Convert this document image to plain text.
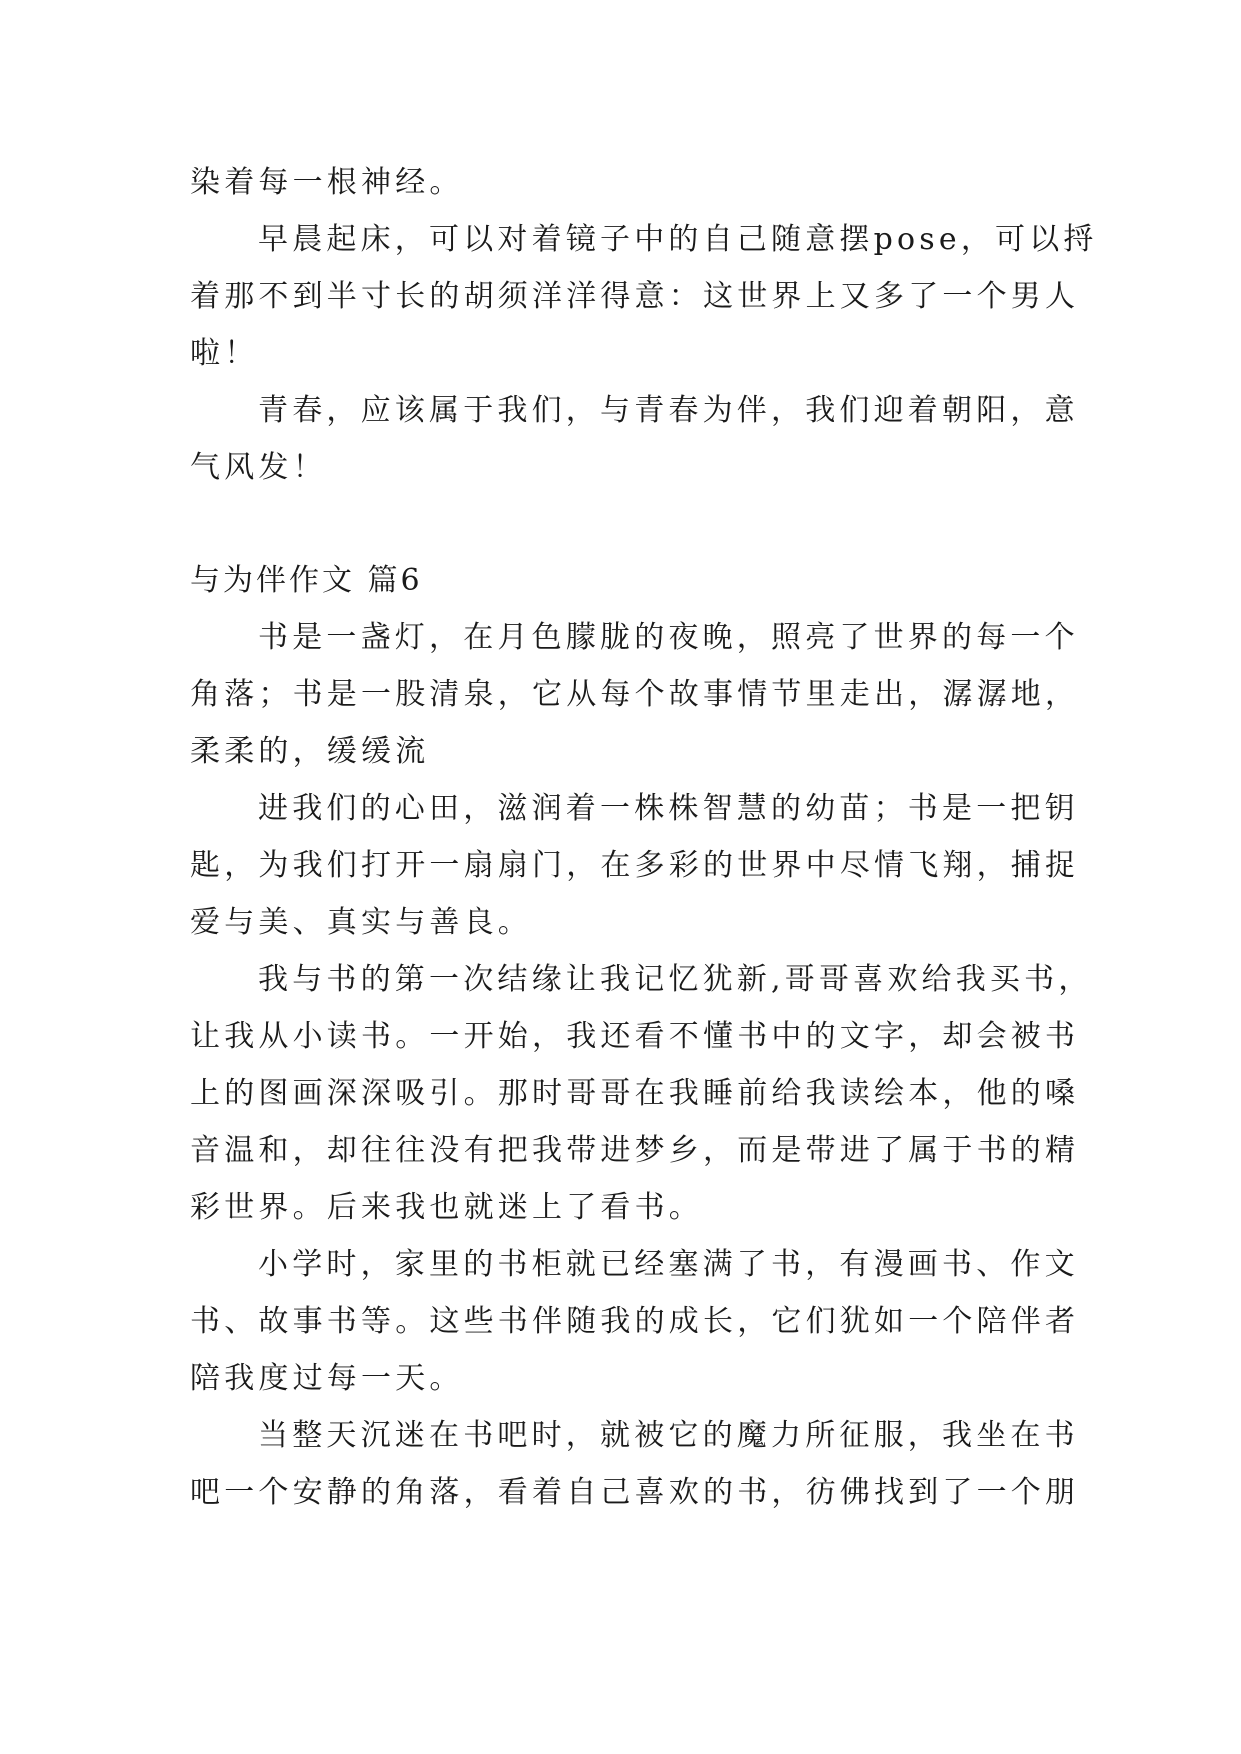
染着每一根神经。
早晨起床，可以对着镜子中的自己随意摆pose，可以捋
着那不到半寸长的胡须洋洋得意：这世界上又多了一个男人
啦！
青春，应该属于我们，与青春为伴，我们迎着朝阳，意
气风发！
与为伴作文 篇6
书是一盏灯，在月色朦胧的夜晚，照亮了世界的每一个
角落；书是一股清泉，它从每个故事情节里走出，潺潺地，
柔柔的，缓缓流
进我们的心田，滋润着一株株智慧的幼苗；书是一把钥
匙，为我们打开一扇扇门，在多彩的世界中尽情飞翔，捕捉
爱与美、真实与善良。
我与书的第一次结缘让我记忆犹新,哥哥喜欢给我买书，
让我从小读书。一开始，我还看不懂书中的文字，却会被书
上的图画深深吸引。那时哥哥在我睡前给我读绘本，他的嗓
音温和，却往往没有把我带进梦乡，而是带进了属于书的精
彩世界。后来我也就迷上了看书。
小学时，家里的书柜就已经塞满了书，有漫画书、作文
书、故事书等。这些书伴随我的成长，它们犹如一个陪伴者
陪我度过每一天。
当整天沉迷在书吧时，就被它的魔力所征服，我坐在书
吧一个安静的角落，看着自己喜欢的书，彷佛找到了一个朋
